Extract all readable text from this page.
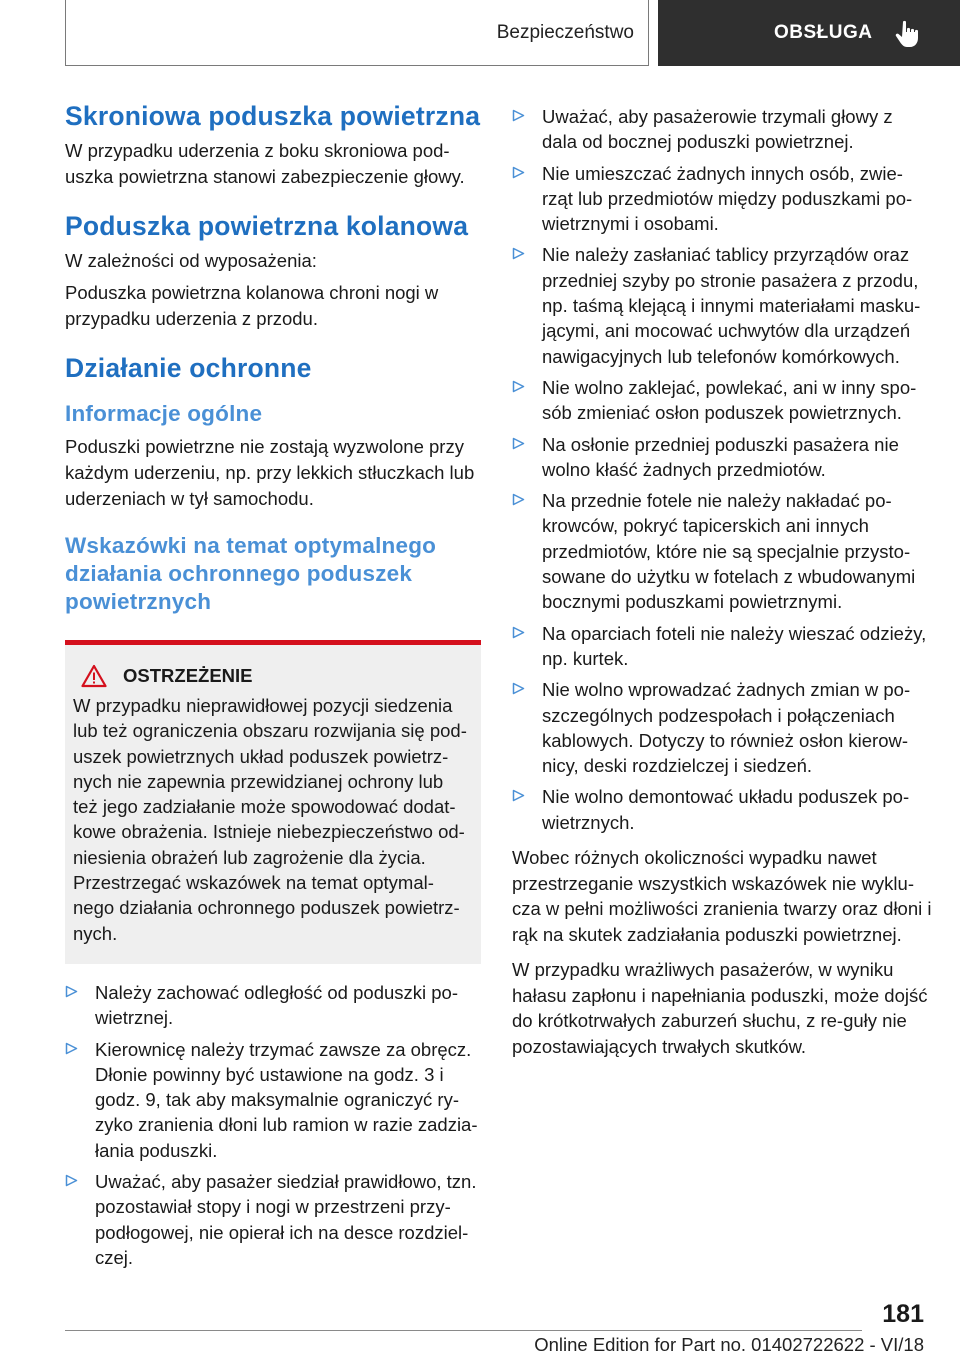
Bezpieczeństwo	OBSŁUGA
Skroniowa poduszka powietrzna

W przypadku uderzenia z boku skroniowa pod-uszka powietrzna stanowi zabezpieczenie głowy.

Poduszka powietrzna kolanowa

W zależności od wyposażenia:

Poduszka powietrzna kolanowa chroni nogi w przypadku uderzenia z przodu.

Działanie ochronne
Informacje ogólne

Poduszki powietrzne nie zostają wyzwolone przy każdym uderzeniu, np. przy lekkich stłuczkach lub uderzeniach w tył samochodu.

Wskazówki na temat optymalnego działania ochronnego poduszek powietrznych
OSTRZEŻENIE

W przypadku nieprawidłowej pozycji siedzenia lub też ograniczenia obszaru rozwijania się pod-uszek powietrznych układ poduszek powietrz-nych nie zapewnia przewidzianej ochrony lub też jego zadziałanie może spowodować dodat-kowe obrażenia. Istnieje niebezpieczeństwo od-niesienia obrażeń lub zagrożenie dla życia. Przestrzegać wskazówek na temat optymal-nego działania ochronnego poduszek powietrz-nych.

Należy zachować odległość od poduszki po-wietrznej.
Kierownicę należy trzymać zawsze za obręcz. Dłonie powinny być ustawione na godz. 3 i godz. 9, tak aby maksymalnie ograniczyć ry-zyko zranienia dłoni lub ramion w razie zadzia-łania poduszki.
Uważać, aby pasażer siedział prawidłowo, tzn. pozostawiał stopy i nogi w przestrzeni przy-podłogowej, nie opierał ich na desce rozdziel-czej.
Uważać, aby pasażerowie trzymali głowy z dala od bocznej poduszki powietrznej.
Nie umieszczać żadnych innych osób, zwie-rząt lub przedmiotów między poduszkami po-wietrznymi i osobami.
Nie należy zasłaniać tablicy przyrządów oraz przedniej szyby po stronie pasażera z przodu, np. taśmą klejącą i innymi materiałami masku-jącymi, ani mocować uchwytów dla urządzeń nawigacyjnych lub telefonów komórkowych.
Nie wolno zaklejać, powlekać, ani w inny spo-sób zmieniać osłon poduszek powietrznych.
Na osłonie przedniej poduszki pasażera nie wolno kłaść żadnych przedmiotów.
Na przednie fotele nie należy nakładać po-krowców, pokryć tapicerskich ani innych przedmiotów, które nie są specjalnie przysto-sowane do użytku w fotelach z wbudowanymi bocznymi poduszkami powietrznymi.
Na oparciach foteli nie należy wieszać odzieży, np. kurtek.
Nie wolno wprowadzać żadnych zmian w po-szczególnych podzespołach i połączeniach kablowych. Dotyczy to również osłon kierow-nicy, deski rozdzielczej i siedzeń.
Nie wolno demontować układu poduszek po-wietrznych.

Wobec różnych okoliczności wypadku nawet przestrzeganie wszystkich wskazówek nie wyklu-cza w pełni możliwości zranienia twarzy oraz dłoni i rąk na skutek zadziałania poduszki powietrznej.

W przypadku wrażliwych pasażerów, w wyniku hałasu zapłonu i napełniania poduszki, może dojść do krótkotrwałych zaburzeń słuchu, z re-guły nie pozostawiających trwałych skutków.

181
Online Edition for Part no. 01402722622 - VI/18
